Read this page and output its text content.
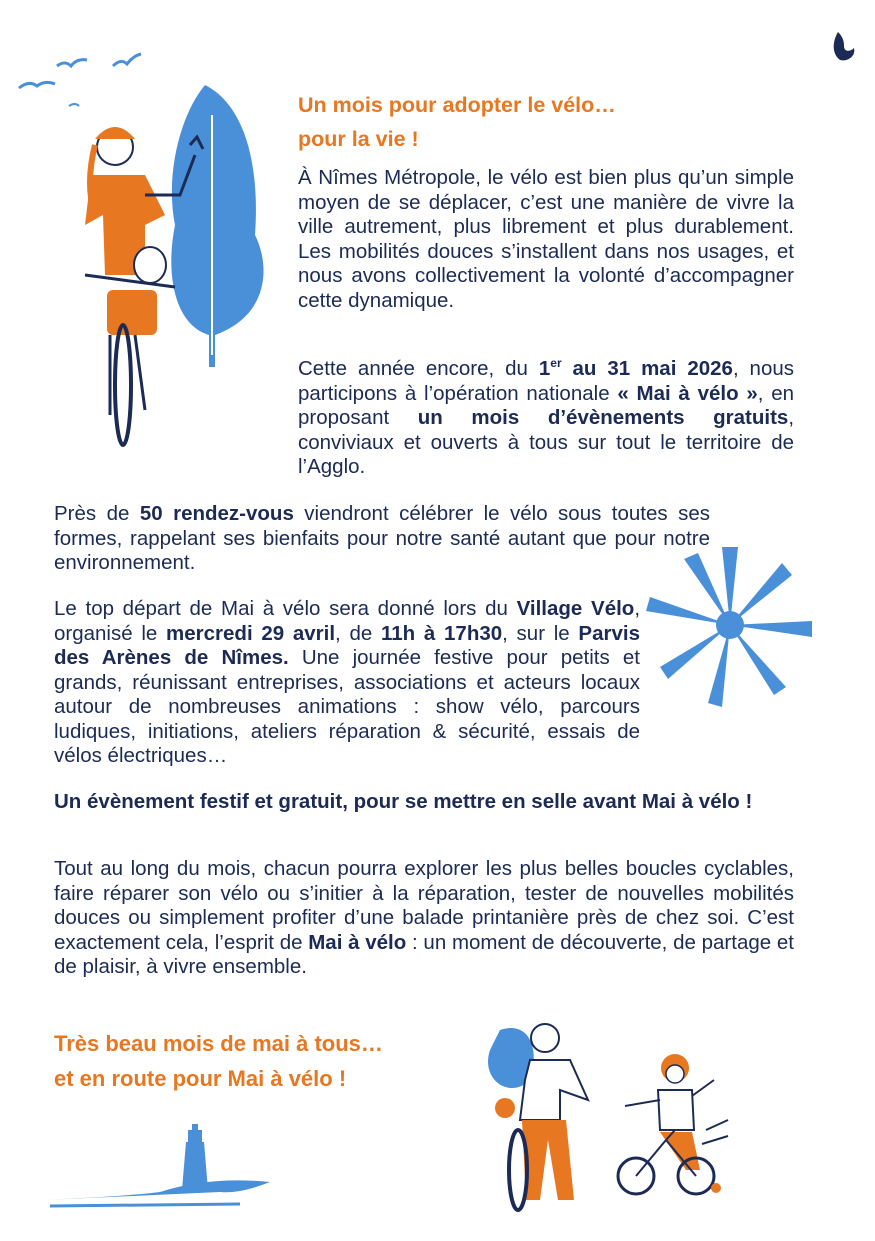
Un mois pour adopter le vélo…
pour la vie !

À Nîmes Métropole, le vélo est bien plus qu’un simple moyen de se déplacer, c’est une manière de vivre la ville autrement, plus librement et plus durablement. Les mobilités douces s’installent dans nos usages, et nous avons collectivement la volonté d’accompagner cette dynamique.

Cette année encore, du 1er au 31 mai 2026, nous participons à l’opération nationale « Mai à vélo », en proposant un mois d’évènements gratuits, conviviaux et ouverts à tous sur tout le territoire de l’Agglo.

Près de 50 rendez-vous viendront célébrer le vélo sous toutes ses formes, rappelant ses bienfaits pour notre santé autant que pour notre environnement.

Le top départ de Mai à vélo sera donné lors du Village Vélo, organisé le mercredi 29 avril, de 11h à 17h30, sur le Parvis des Arènes de Nîmes. Une journée festive pour petits et grands, réunissant entreprises, associations et acteurs locaux autour de nombreuses animations : show vélo, parcours ludiques, initiations, ateliers réparation & sécurité, essais de vélos électriques…

Un évènement festif et gratuit, pour se mettre en selle avant Mai à vélo !

Tout au long du mois, chacun pourra explorer les plus belles boucles cyclables, faire réparer son vélo ou s’initier à la réparation, tester de nouvelles mobilités douces ou simplement profiter d’une balade printanière près de chez soi. C’est exactement cela, l’esprit de Mai à vélo : un moment de découverte, de partage et de plaisir, à vivre ensemble.

Très beau mois de mai à tous…
et en route pour Mai à vélo !
